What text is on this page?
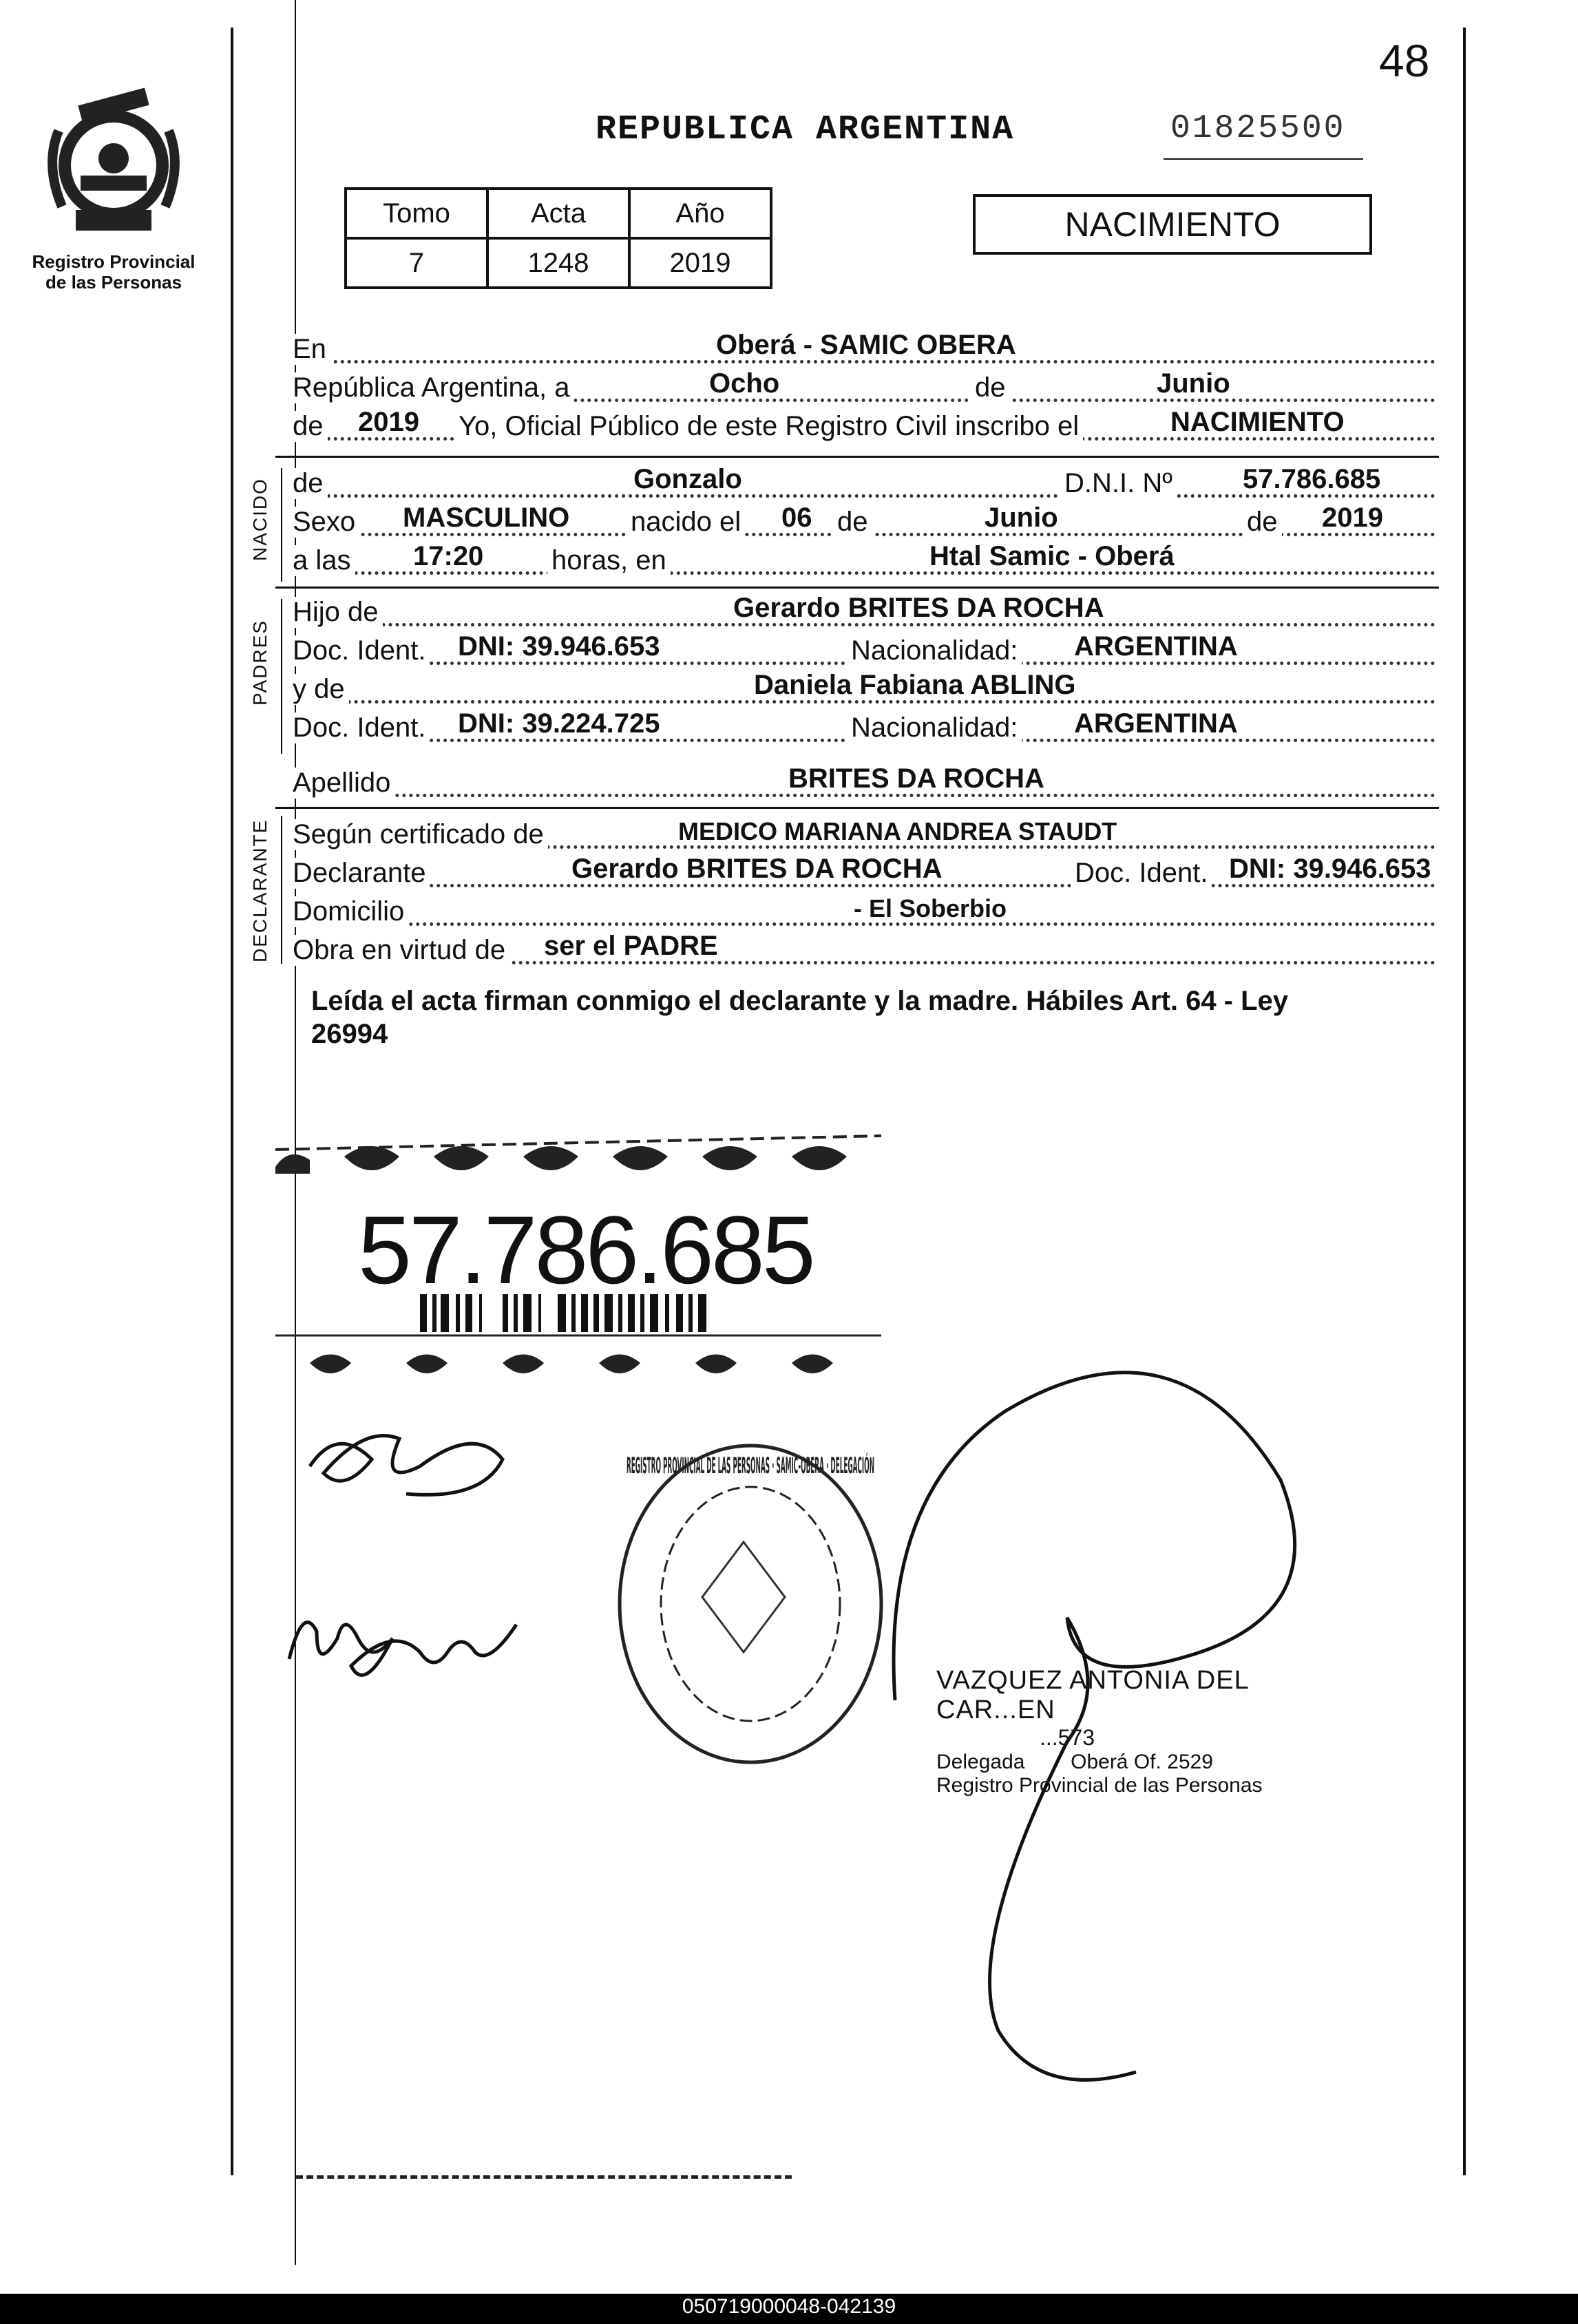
48
Registro Provincial
de las Personas
REPUBLICA ARGENTINA	01825500
Tomo	Acta	Año
7	1248	2019
NACIMIENTO
En	Oberá - SAMIC OBERA
República Argentina, a	Ocho	de	Junio
de 2019 Yo, Oficial Público de este Registro Civil inscribo el	NACIMIENTO
NACIDO de	Gonzalo	D.N.I. Nº	57.786.685
Sexo MASCULINO nacido el 06 de	Junio	de 2019
a las 17:20 horas, en	Htal Samic - Oberá
PADRES
Hijo de	Gerardo BRITES DA ROCHA
Doc. Ident. DNI: 39.946.653	Nacionalidad: ARGENTINA
y de	Daniela Fabiana ABLING
Doc. Ident. DNI: 39.224.725	Nacionalidad: ARGENTINA
Apellido	BRITES DA ROCHA
DECLARANTE Según certificado de	MEDICO MARIANA ANDREA STAUDT
Declarante	Gerardo BRITES DA ROCHA	Doc. Ident. DNI: 39.946.653
Domicilio	- El Soberbio
Obra en virtud de ser el PADRE
Leída el acta firman conmigo el declarante y la madre. Hábiles Art. 64 - Ley
26994
57.786.685
REGISTRO PROVINCIAL DE LAS PERSONAS · SAMIC-OBERA · DELEGACIÓN
VAZQUEZ ANTONIA DEL CAR...EN
...573
Delegada        Oberá Of. 2529
Registro Provincial de las Personas
050719000048-042139
